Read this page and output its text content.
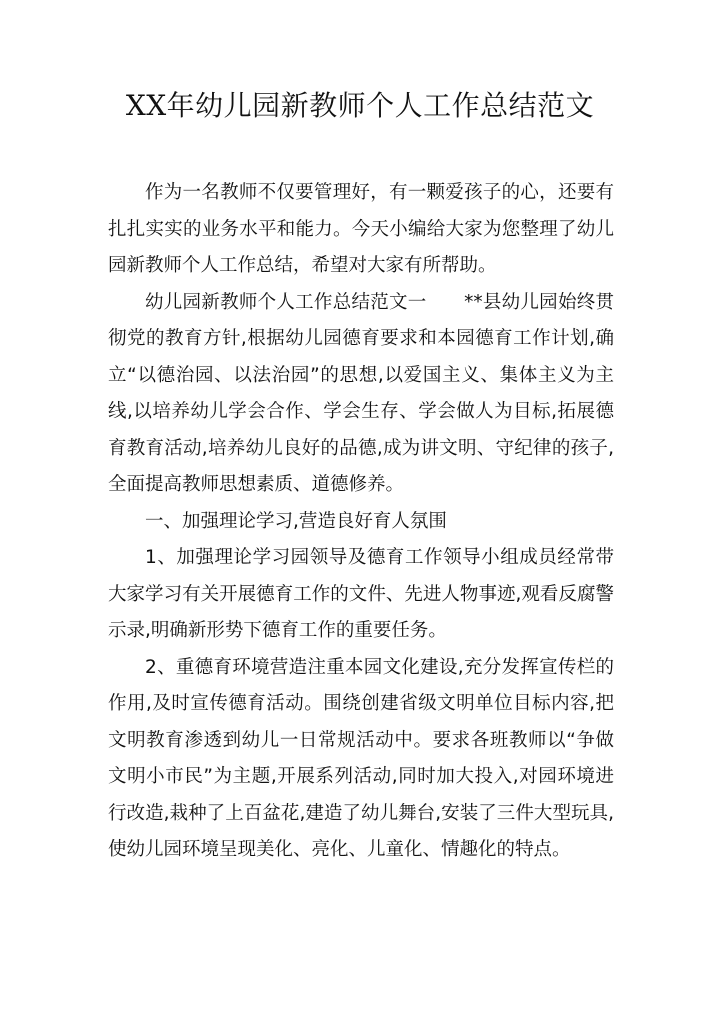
XX年幼儿园新教师个人工作总结范文

作为一名教师不仅要管理好，有一颗爱孩子的心，还要有扎扎实实的业务水平和能力。今天小编给大家为您整理了幼儿园新教师个人工作总结，希望对大家有所帮助。

幼儿园新教师个人工作总结范文一　　**县幼儿园始终贯彻党的教育方针,根据幼儿园德育要求和本园德育工作计划,确立“以德治园、以法治园”的思想,以爱国主义、集体主义为主线,以培养幼儿学会合作、学会生存、学会做人为目标,拓展德育教育活动,培养幼儿良好的品德,成为讲文明、守纪律的孩子,全面提高教师思想素质、道德修养。

一、加强理论学习,营造良好育人氛围

1、加强理论学习园领导及德育工作领导小组成员经常带大家学习有关开展德育工作的文件、先进人物事迹,观看反腐警示录,明确新形势下德育工作的重要任务。

2、重德育环境营造注重本园文化建设,充分发挥宣传栏的作用,及时宣传德育活动。围绕创建省级文明单位目标内容,把文明教育渗透到幼儿一日常规活动中。要求各班教师以“争做文明小市民”为主题,开展系列活动,同时加大投入,对园环境进行改造,栽种了上百盆花,建造了幼儿舞台,安装了三件大型玩具,使幼儿园环境呈现美化、亮化、儿童化、情趣化的特点。
